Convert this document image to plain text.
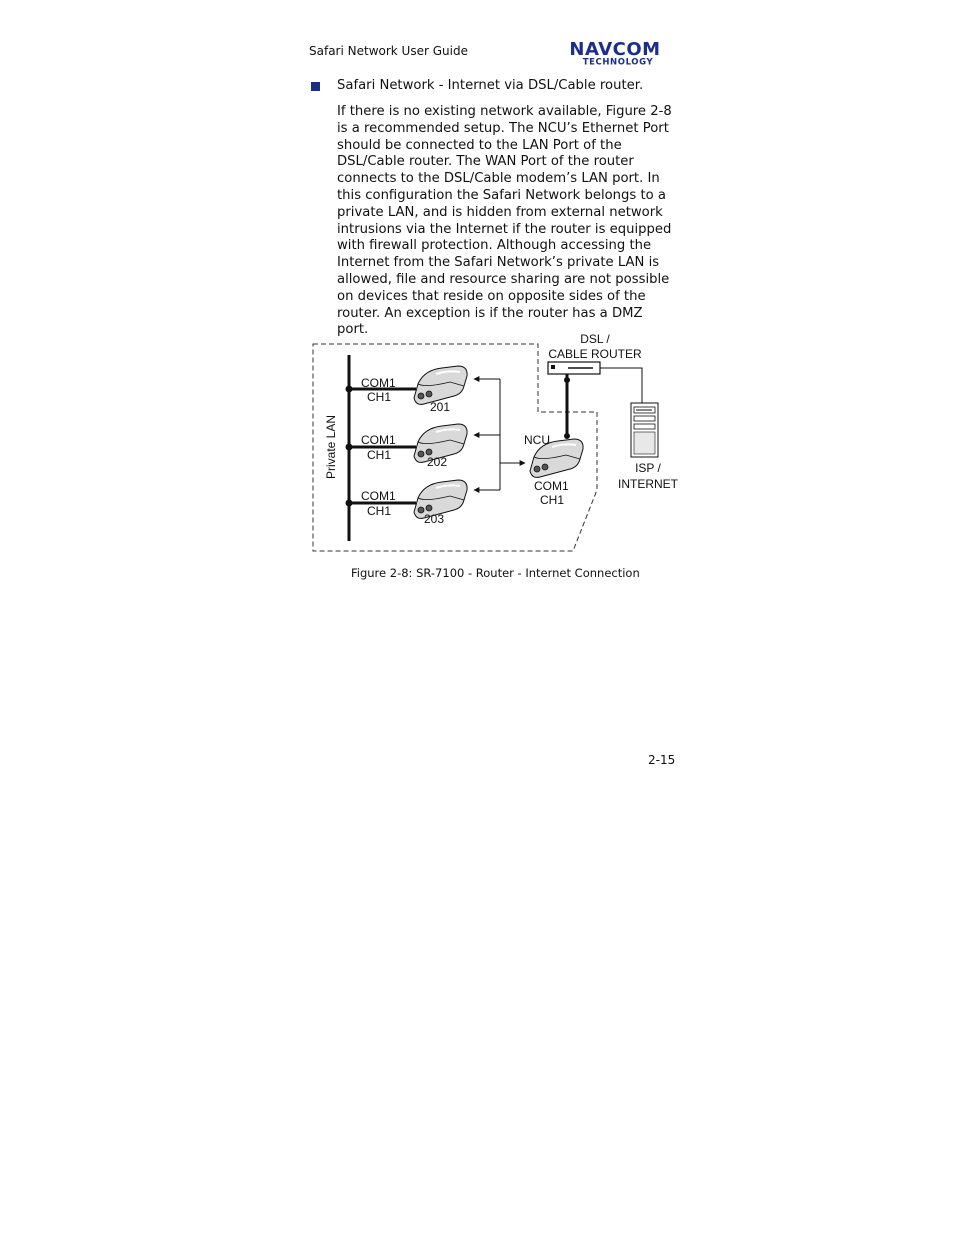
Safari Network User Guide	NAVCOM
TECHNOLOGY
Safari Network - Internet via DSL/Cable router.

If there is no existing network available, Figure 2-8 is a recommended setup. The NCU’s Ethernet Port should be connected to the LAN Port of the DSL/Cable router. The WAN Port of the router connects to the DSL/Cable modem’s LAN port. In this configuration the Safari Network belongs to a private LAN, and is hidden from external network intrusions via the Internet if the router is equipped with firewall protection. Although accessing the Internet from the Safari Network’s private LAN is allowed, file and resource sharing are not possible on devices that reside on opposite sides of the router. An exception is if the router has a DMZ port.

Private LAN
COM1
CH1
201
COM1
CH1	202
COM1
CH1
203
NCU
COM1
CH1
DSL /
CABLE ROUTER
ISP /
INTERNET
Figure 2-8: SR-7100 - Router - Internet Connection
2-15
